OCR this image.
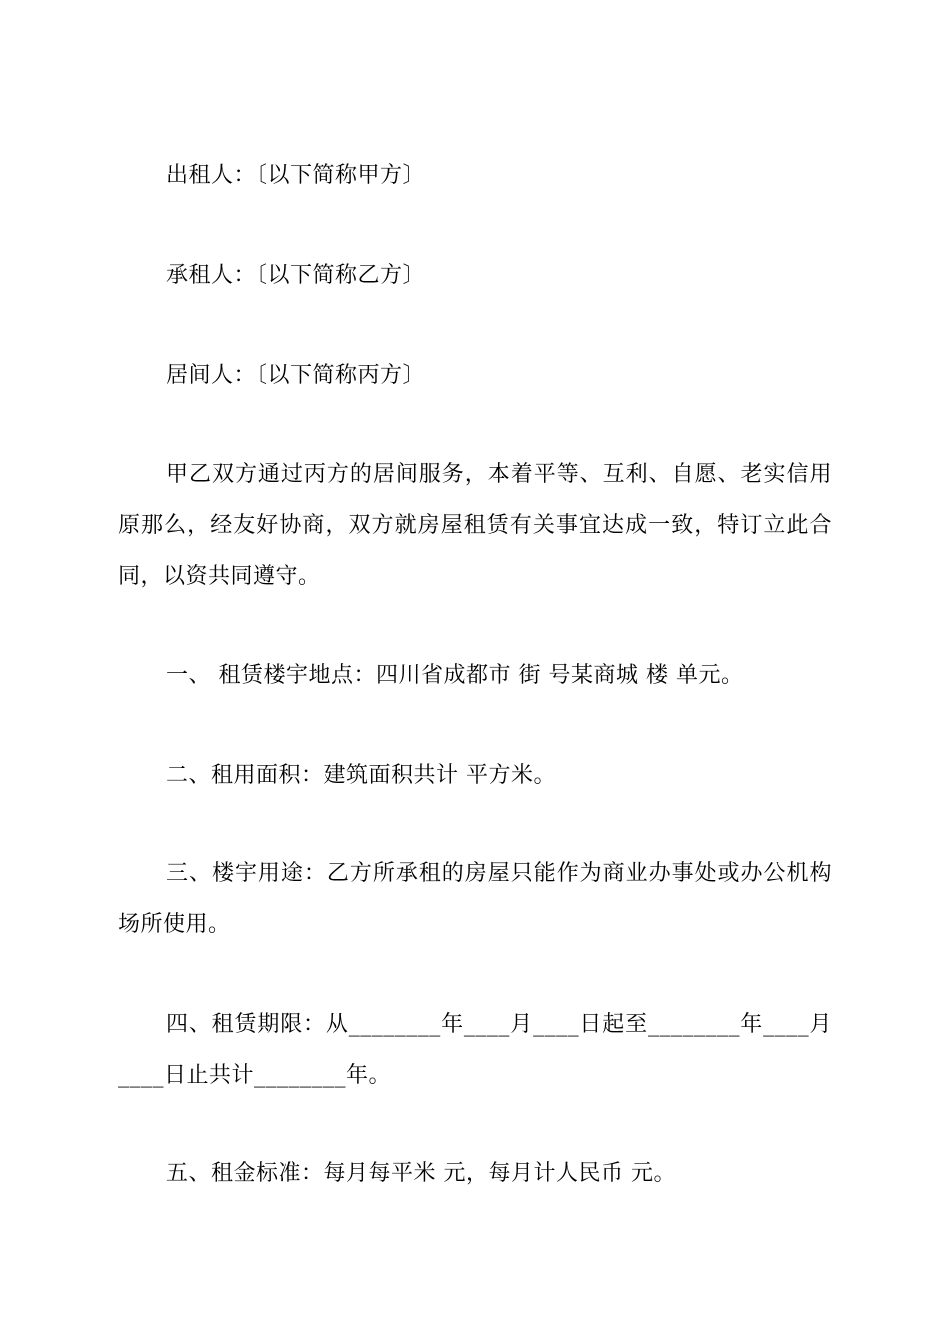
出租人：〔以下简称甲方〕
承租人：〔以下简称乙方〕
居间人：〔以下简称丙方〕
甲乙双方通过丙方的居间服务，本着平等、互利、自愿、老实信用原那么，经友好协商，双方就房屋租赁有关事宜达成一致，特订立此合同，以资共同遵守。
一、 租赁楼宇地点：四川省成都市 街 号某商城 楼 单元。
二、租用面积：建筑面积共计 平方米。
三、楼宇用途：乙方所承租的房屋只能作为商业办事处或办公机构场所使用。
四、租赁期限：从________年____月____日起至________年____月____日止共计________年。
五、租金标准：每月每平米 元，每月计人民币 元。
